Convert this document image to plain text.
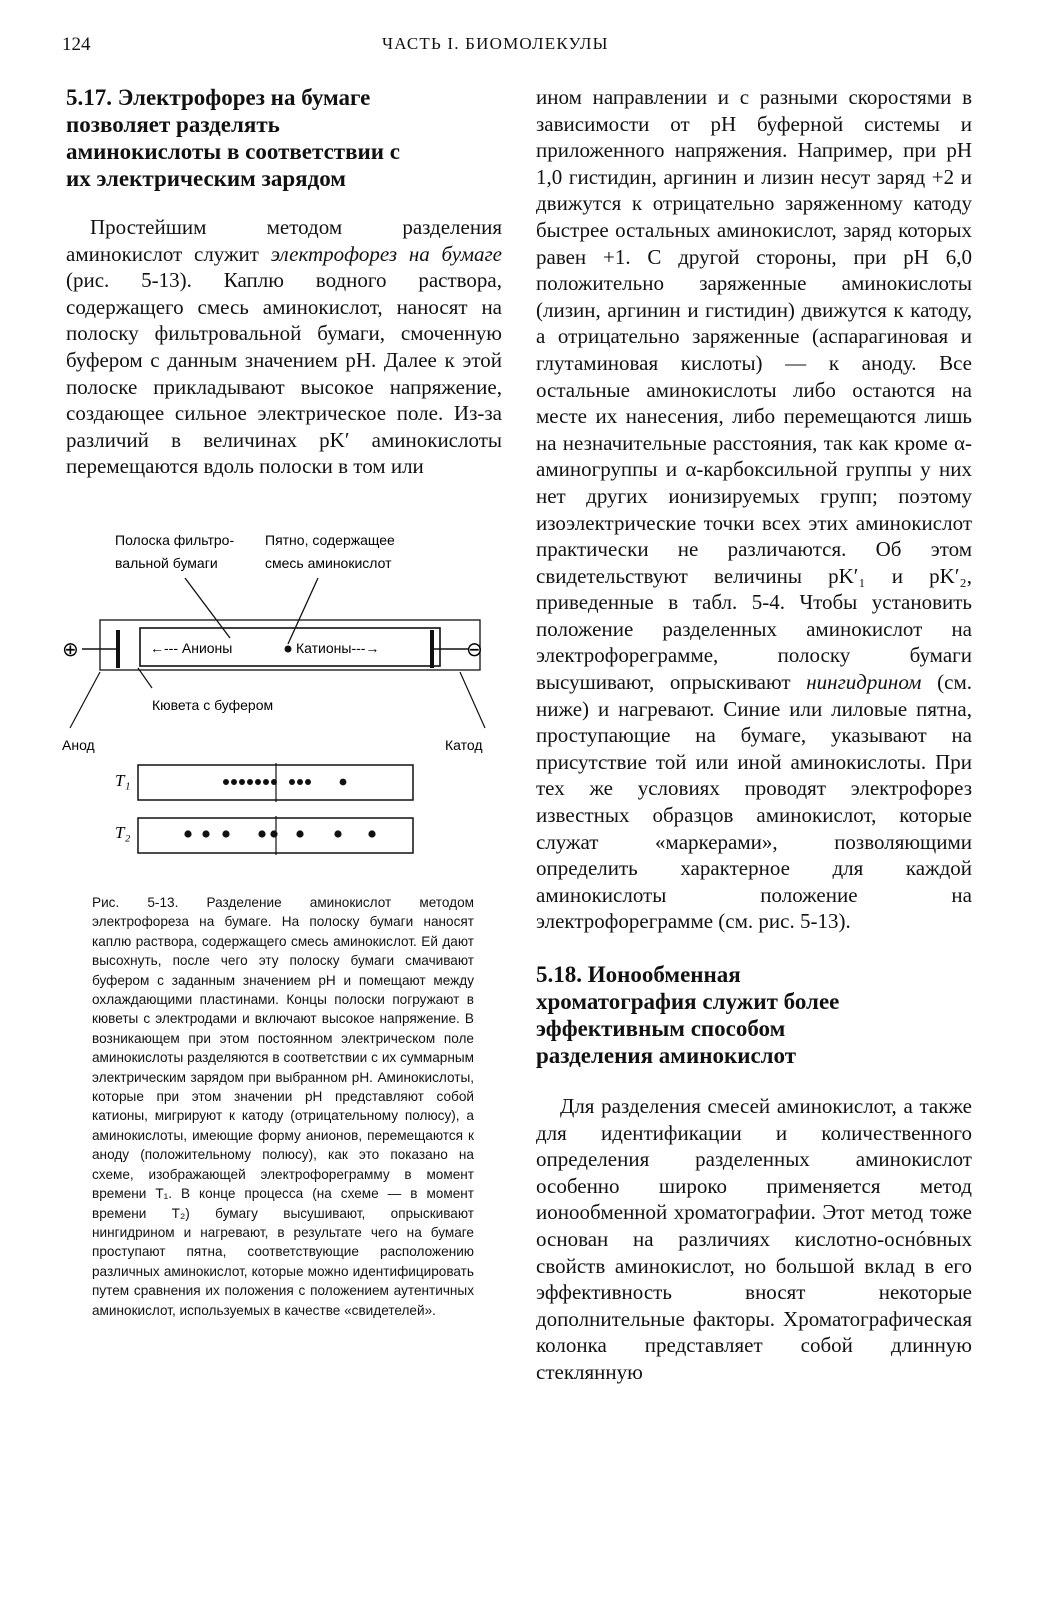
124	ЧАСТЬ I. БИОМОЛЕКУЛЫ
5.17. Электрофорез на бумаге позволяет разделять аминокислоты в соответствии с их электрическим зарядом

Простейшим методом разделения аминокислот служит электрофорез на бумаге (рис. 5-13). Каплю водного раствора, содержащего смесь аминокислот, наносят на полоску фильтровальной бумаги, смоченную буфером с данным значением pH. Далее к этой полоске прикладывают высокое напряжение, создающее сильное электрическое поле. Из-за различий в величинах pK′ аминокислоты перемещаются вдоль полоски в том или

Полоска фильтро-
вальной бумаги
Пятно, содержащее
смесь аминокислот
⊕	⊖
←--- Анионы	Катионы---→
Кювета с буфером
Анод	Катод
T₁
T₂
Рис. 5-13. Разделение аминокислот методом электрофореза на бумаге. На полоску бумаги наносят каплю раствора, содержащего смесь аминокислот. Ей дают высохнуть, после чего эту полоску бумаги смачивают буфером с заданным значением pH и помещают между охлаждающими пластинами. Концы полоски погружают в кюветы с электродами и включают высокое напряжение. В возникающем при этом постоянном электрическом поле аминокислоты разделяются в соответствии с их суммарным электрическим зарядом при выбранном pH. Аминокислоты, которые при этом значении pH представляют собой катионы, мигрируют к катоду (отрицательному полюсу), а аминокислоты, имеющие форму анионов, перемещаются к аноду (положительному полюсу), как это показано на схеме, изображающей электрофореграмму в момент времени T₁. В конце процесса (на схеме — в момент времени T₂) бумагу высушивают, опрыскивают нингидрином и нагревают, в результате чего на бумаге проступают пятна, соответствующие расположению различных аминокислот, которые можно идентифицировать путем сравнения их положения с положением аутентичных аминокислот, используемых в качестве «свидетелей».

ином направлении и с разными скоростями в зависимости от pH буферной системы и приложенного напряжения. Например, при pH 1,0 гистидин, аргинин и лизин несут заряд +2 и движутся к отрицательно заряженному катоду быстрее остальных аминокислот, заряд которых равен +1. С другой стороны, при pH 6,0 положительно заряженные аминокислоты (лизин, аргинин и гистидин) движутся к катоду, а отрицательно заряженные (аспарагиновая и глутаминовая кислоты) — к аноду. Все остальные аминокислоты либо остаются на месте их нанесения, либо перемещаются лишь на незначительные расстояния, так как кроме α-аминогруппы и α-карбоксильной группы у них нет других ионизируемых групп; поэтому изоэлектрические точки всех этих аминокислот практически не различаются. Об этом свидетельствуют величины pK′₁ и pK′₂, приведенные в табл. 5-4. Чтобы установить положение разделенных аминокислот на электрофореграмме, полоску бумаги высушивают, опрыскивают нингидрином (см. ниже) и нагревают. Синие или лиловые пятна, проступающие на бумаге, указывают на присутствие той или иной аминокислоты. При тех же условиях проводят электрофорез известных образцов аминокислот, которые служат «маркерами», позволяющими определить характерное для каждой аминокислоты положение на электрофореграмме (см. рис. 5-13).

5.18. Ионообменная хроматография служит более эффективным способом разделения аминокислот

Для разделения смесей аминокислот, а также для идентификации и количественного определения разделенных аминокислот особенно широко применяется метод ионообменной хроматографии. Этот метод тоже основан на различиях кислотно-оснóвных свойств аминокислот, но большой вклад в его эффективность вносят некоторые дополнительные факторы. Хроматографическая колонка представляет собой длинную стеклянную
